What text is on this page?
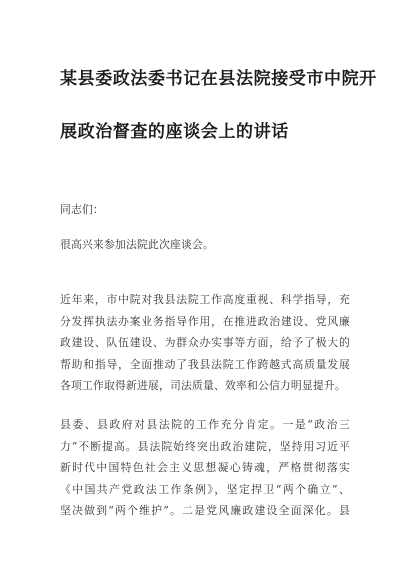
某县委政法委书记在县法院接受市中院开
展政治督查的座谈会上的讲话
同志们：
很高兴来参加法院此次座谈会。
近年来，市中院对我县法院工作高度重视、科学指导，充
分发挥执法办案业务指导作用，在推进政治建设、党风廉
政建设、队伍建设、为群众办实事等方面，给予了极大的
帮助和指导，全面推动了我县法院工作跨越式高质量发展
各项工作取得新进展，司法质量、效率和公信力明显提升。
县委、县政府对县法院的工作充分肯定。一是“政治三
力”不断提高。县法院始终突出政治建院，坚持用习近平
新时代中国特色社会主义思想凝心铸魂，严格贯彻落实
《中国共产党政法工作条例》，坚定捍卫“两个确立”、
坚决做到“两个维护”。二是党风廉政建设全面深化。县
